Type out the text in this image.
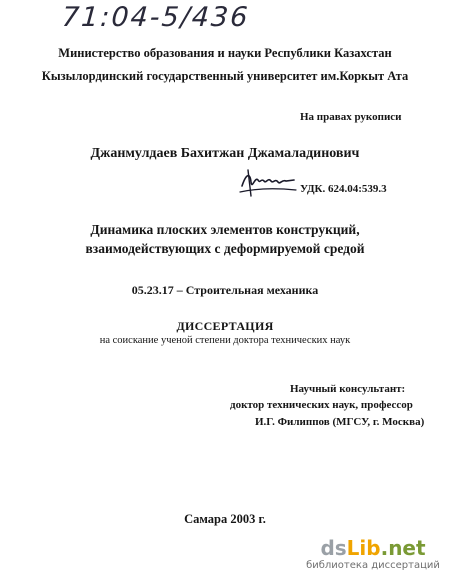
71:04-5/436
Министерство образования и науки Республики Казахстан
Кызылординский государственный университет им.Коркыт Ата
На правах рукописи
Джанмулдаев Бахитжан Джамаладинович
УДК. 624.04:539.3
Динамика плоских элементов конструкций,
взаимодействующих с деформируемой средой
05.23.17 – Строительная механика
ДИССЕРТАЦИЯ
на соискание ученой степени доктора технических наук
Научный консультант:
доктор технических наук, профессор
И.Г. Филиппов (МГСУ, г. Москва)
Самара 2003 г.
dsLib.net
библиотека диссертаций
